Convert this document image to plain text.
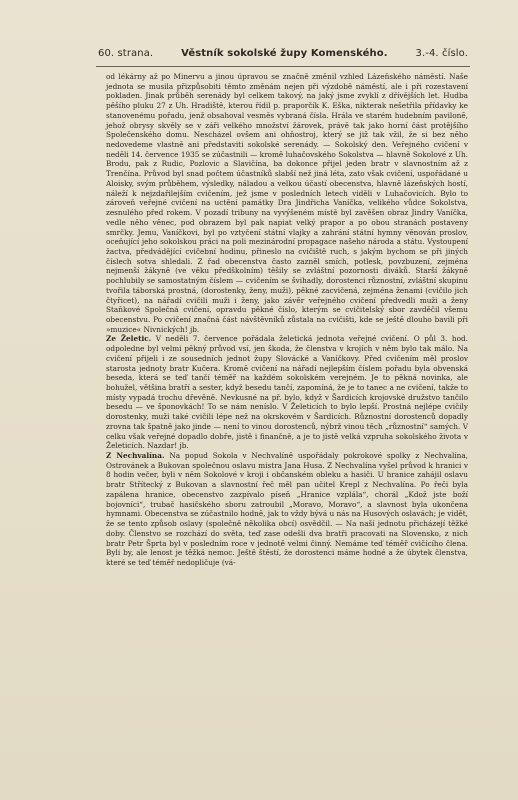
60. strana.	Věstník sokolské župy Komenského.	3.-4. číslo.

od lékárny až po Minervu a jinou úpravou se značně změnil vzhled Lázeňského náměstí. Naše jednota se musila přizpůsobiti těmto změnám nejen při výzdobě náměstí, ale i při rozestavení pokladen. Jinak průběh serenády byl celkem takový, na jaký jsme zvyklí z dřívějších let. Hudba pěšího pluku 27 z Uh. Hradiště, kterou řídil p. praporčík K. Eška, nikterak nešetřila přídavky ke stanovenému pořadu, jenž obsahoval vesměs vybraná čísla. Hrála ve starém hudebním pavilonĕ, jehož obrysy skvěly se v záři velkého množství žárovek, právě tak jako horní část protějšího Společenského domu. Nescházel ovšem ani ohňostroj, který se již tak vžil, že si bez něho nedovedeme vlastně ani představiti sokolské serenády. — Sokolský den. Veřejného cvičení v neděli 14. července 1935 se zúčastnili — kromě luhačovského Sokolstva — hlavně Sokolové z Uh. Brodu, pak z Rudic, Pozlovic a Slavičína, ba dokonce přijel jeden bratr v slavnostním až z Trenčína. Průvod byl snad počtem účastníků slabší než jiná léta, zato však cvičení, uspořádané u Aloisky, svým průběhem, výsledky, náladou a velkou účastí obecenstva, hlavně lázeňských hostí, náleží k nejzdařilejším cvičením, jež jsme v posledních letech viděli v Luhačovicích. Bylo to zároveň veřejné cvičení na uctění památky Dra Jindřicha Vaníčka, velikého vůdce Sokolstva, zesnulého před rokem. V pozadí tribuny na vyvýšeném místě byl zavěšen obraz Jindry Vaníčka, vedle něho věnec, pod obrazem byl pak napiat velký prapor a po obou stranách postaveny smrčky. Jemu, Vaníčkovi, byl po vztyčení státní vlajky a zahrání státní hymny věnován proslov, oceňující jeho sokolskou práci na poli mezinárodní propagace našeho národa a státu. Vystoupení žactva, předvádějící cvičební hodinu, přineslo na cvičiště ruch, s jakým bychom se při jiných číslech sotva shledali. Z řad obecenstva často zazněl smích, potlesk, povzbuzení, zejména nejmenší žákyně (ve věku předškolním) těšily se zvláštní pozornosti diváků. Starší žákyně pochlubily se samostatným číslem — cvičením se švihadly, dorostenci různostní, zvláštní skupinu tvořila táborská prostná, (dorostenky, ženy, muži), pěkné zacvičená, zejména ženami (cvičilo jich čtyřicet), na nářadí cvičili muži i ženy, jako závěr veřejného cvičení předvedli muži a ženy Staňkové Společná cvičení, opravdu pěkné číslo, kterým se cvičitelský sbor zavděčil všemu obecenstvu. Po cvičení značná část návštěvníků zůstala na cvičišti, kde se ještě dlouho bavili při »muzice« Nivnických! jb.

Ze Želetic. V neděli 7. července pořádala želetická jednota veřejné cvičení. O půl 3. hod. odpoledne byl velmi pěkný průvod vsí, jen škoda, že členstva v krojích v něm bylo tak málo. Na cvičení přijeli i ze sousedních jednot župy Slovácké a Vaníčkovy. Před cvičením měl proslov starosta jednoty bratr Kučera. Kromě cvičení na nářadí nejlepším číslem pořadu byla obvenská beseda, která se teď tančí téměř na každém sokolském verejném. Je to pěkná novinka, ale bohužel, většina bratří a sester, když besedu tančí, zapomíná, že je to tanec a ne cvičení, takže to místy vypadá trochu dřevěně. Nevkusné na př. bylo, když v Šardicích krojovské družstvo tančilo besedu — ve šponovkách! To se nám neníslo. V Želeticích to bylo lepší. Prostná nejlépe cvičily dorostenky, muži také cvičili lépe než na okrskovém v Šardicích. Různostní dorostenců dopadly zrovna tak špatně jako jinde — není to vinou dorostenců, nýbrž vinou těch „různostní“ samých. V celku však veřejné dopadlo dobře, jistě i finančně, a je to jistě velká vzpruha sokolského života v Želeticích. Nazdar! jb.

Z Nechvalína. Na popud Sokola v Nechvalíně uspořádaly pokrokové spolky z Nechvalína, Ostrovánek a Bukovan společnou oslavu mistra Jana Husa. Z Nechvalína vyšel průvod k hranici v 8 hodin večer, byli v něm Sokolové v kroji i občanském obleku a hasiči. U hranice zahájil oslavu bratr Střítecký z Bukovan a slavnostní řeč měl pan učitel Krepl z Nechvalína. Po řeči byla zapálena hranice, obecenstvo zazpívalo píseň „Hranice vzplála“, chorál „Kdož jste boží bojovníci“, trubač hasičského sboru zatroubil „Moravo, Moravo“, a slavnost byla ukončena hymnami. Obecenstva se zúčastnilo hodně, jak to vždy bývá u nás na Husových oslavách; je vidět, že se tento způsob oslavy (společně několika obcí) osvědčil. — Na naší jednotu přicházejí těžké doby. Členstvo se rozchází do světa, teď zase odešli dva bratři pracovati na Slovensko, z nich bratr Petr Šprta byl v posledním roce v jednotě velmi činný. Nemáme teď téměř cvičícího člena. Byli by, ale lenost je těžká nemoc. Ještě štěstí, že dorostenci máme hodné a že úbytek členstva, které se teď téměř nedopličuje (vá-
